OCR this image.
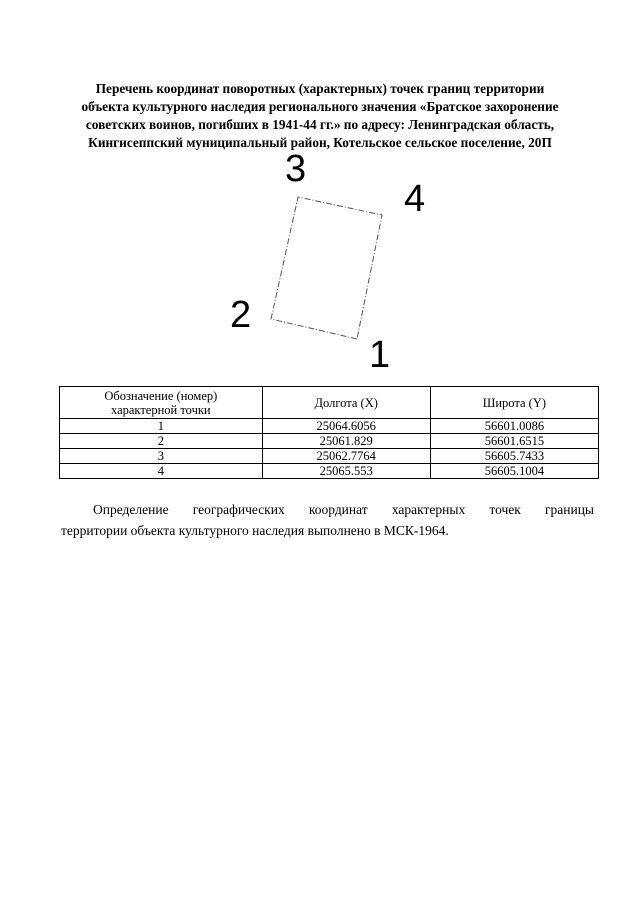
Перечень координат поворотных (характерных) точек границ территории
объекта культурного наследия регионального значения «Братское захоронение
советских воинов, погибших в 1941-44 гг.» по адресу: Ленинградская область,
Кингисеппский муниципальный район, Котельское сельское поселение, 20П
1
2
3
4
Обозначение (номер) характерной точки	Долгота (X)	Широта (Y)
1	25064.6056	56601.0086
2	25061.829	56601.6515
3	25062.7764	56605.7433
4	25065.553	56605.1004
Определение географических координат характерных точек границы
территории объекта культурного наследия выполнено в МСК-1964.
